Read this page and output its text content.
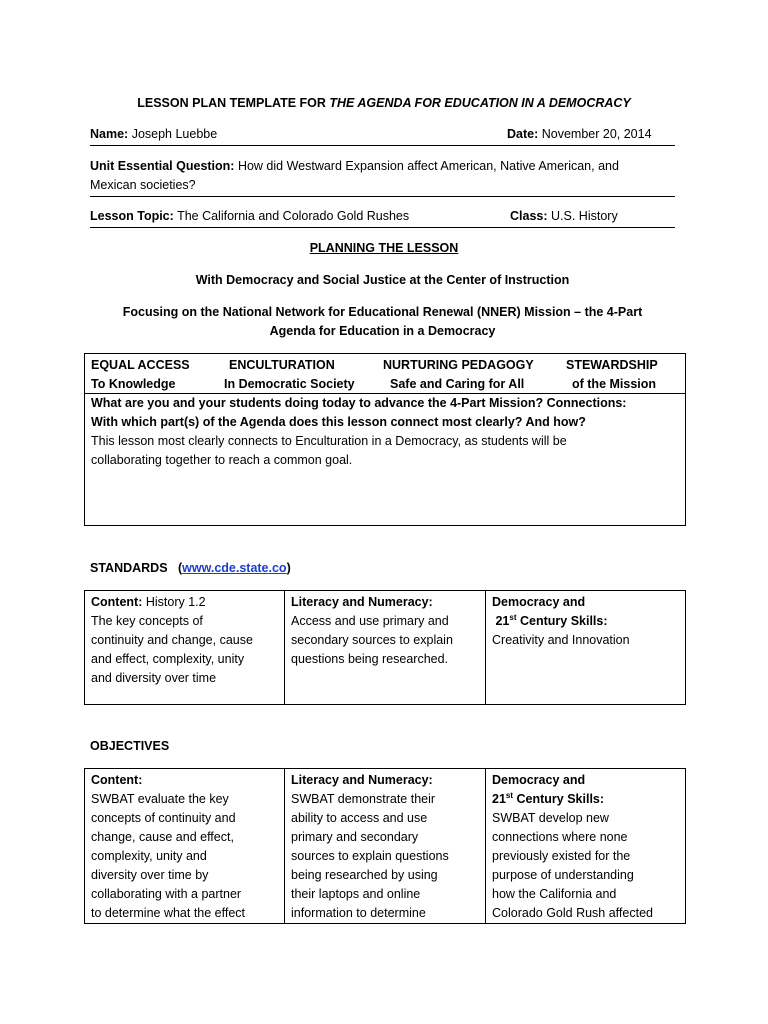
LESSON PLAN TEMPLATE FOR THE AGENDA FOR EDUCATION IN A DEMOCRACY
Name: Joseph Luebbe	Date: November 20, 2014
Unit Essential Question: How did Westward Expansion affect American, Native American, and
Mexican societies?
Lesson Topic: The California and Colorado Gold Rushes	Class: U.S. History
PLANNING THE LESSON
With Democracy and Social Justice at the Center of Instruction
Focusing on the National Network for Educational Renewal (NNER) Mission – the 4-Part
Agenda for Education in a Democracy
EQUAL ACCESS
To Knowledge
ENCULTURATION
In Democratic Society
NURTURING PEDAGOGY
Safe and Caring for All
STEWARDSHIP
of the Mission
What are you and your students doing today to advance the 4-Part Mission? Connections:
With which part(s) of the Agenda does this lesson connect most clearly? And how?
This lesson most clearly connects to Enculturation in a Democracy, as students will be
collaborating together to reach a common goal.
STANDARDS (www.cde.state.co)
Content: History 1.2
The key concepts of
continuity and change, cause
and effect, complexity, unity
and diversity over time
Literacy and Numeracy:
Access and use primary and
secondary sources to explain
questions being researched.
Democracy and
21st Century Skills:
Creativity and Innovation
OBJECTIVES
Content:
SWBAT evaluate the key
concepts of continuity and
change, cause and effect,
complexity, unity and
diversity over time by
collaborating with a partner
to determine what the effect
Literacy and Numeracy:
SWBAT demonstrate their
ability to access and use
primary and secondary
sources to explain questions
being researched by using
their laptops and online
information to determine
Democracy and
21st Century Skills:
SWBAT develop new
connections where none
previously existed for the
purpose of understanding
how the California and
Colorado Gold Rush affected
